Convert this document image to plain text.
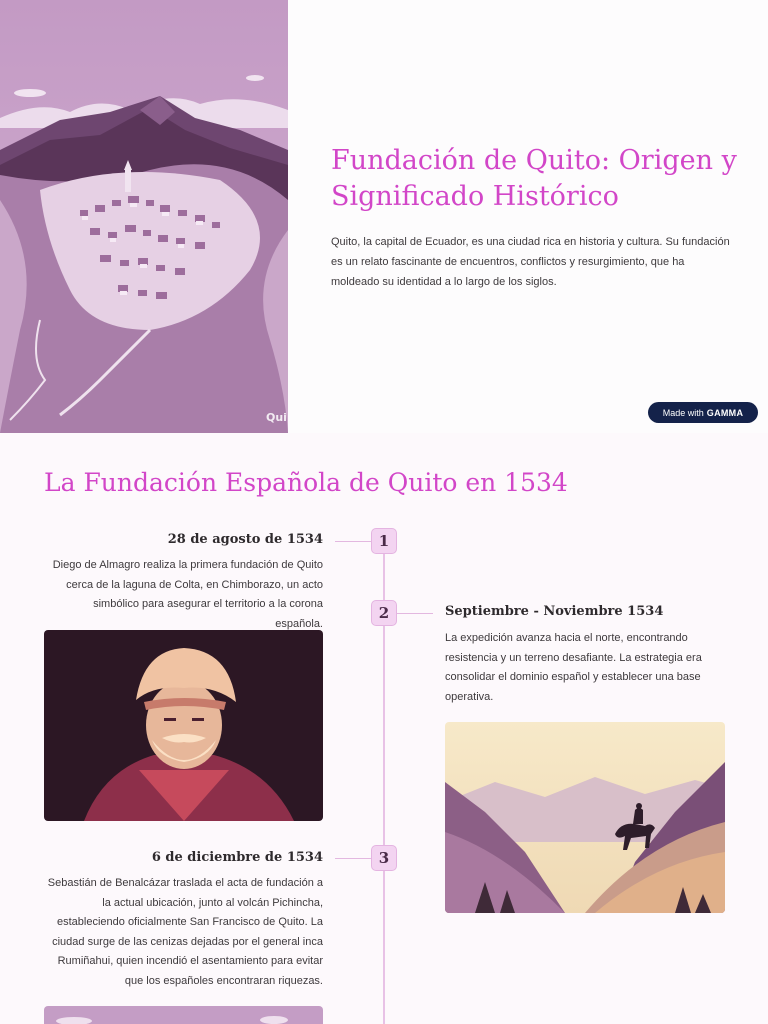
Qui
Fundación de Quito: Origen y Significado Histórico

Quito, la capital de Ecuador, es una ciudad rica en historia y cultura. Su fundación es un relato fascinante de encuentros, conflictos y resurgimiento, que ha moldeado su identidad a lo largo de los siglos.

Made with GAMMA
La Fundación Española de Quito en 1534
1
28 de agosto de 1534

Diego de Almagro realiza la primera fundación de Quito cerca de la laguna de Colta, en Chimborazo, un acto simbólico para asegurar el territorio a la corona española.

2	Septiembre - Noviembre 1534

La expedición avanza hacia el norte, encontrando resistencia y un terreno desafiante. La estrategia era consolidar el dominio español y establecer una base operativa.

3
6 de diciembre de 1534

Sebastián de Benalcázar traslada el acta de fundación a la actual ubicación, junto al volcán Pichincha, estableciendo oficialmente San Francisco de Quito. La ciudad surge de las cenizas dejadas por el general inca Rumiñahui, quien incendió el asentamiento para evitar que los españoles encontraran riquezas.
